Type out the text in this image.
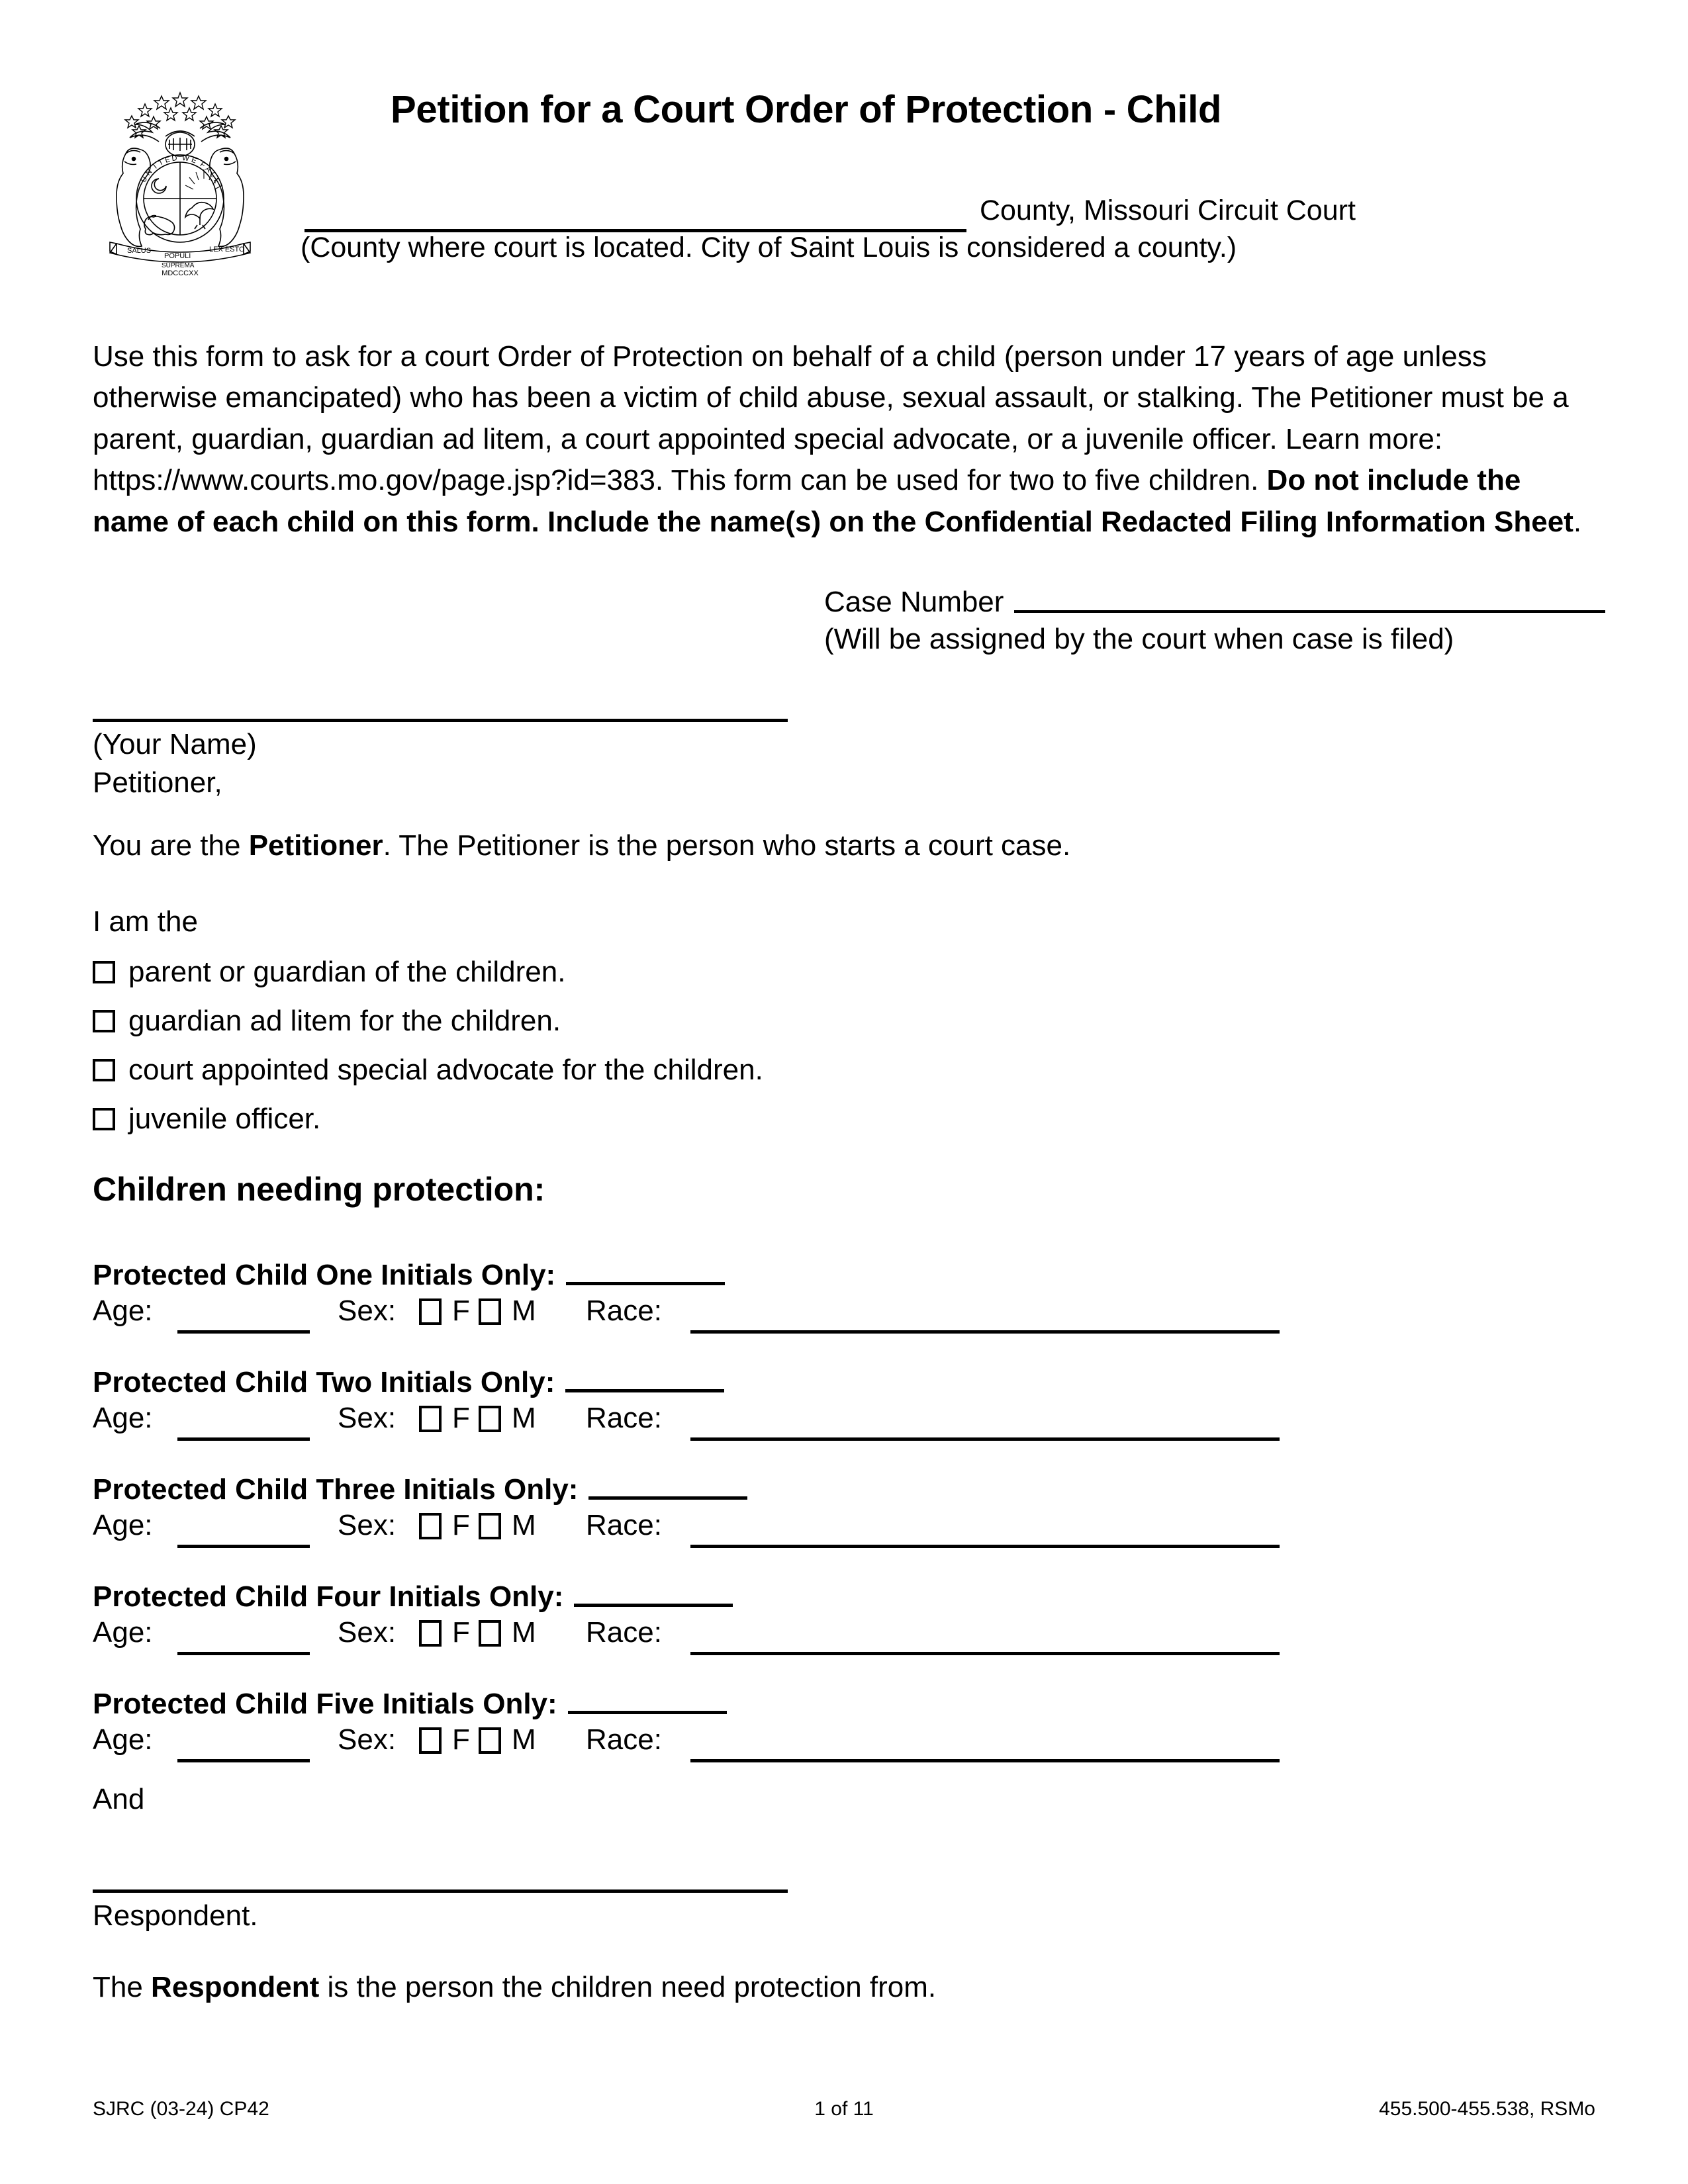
U
N
I
T
E D W E F
A
L
L
SALUS
POPULI
LEX ESTO
SUPREMA
MDCCCXX
Petition for a Court Order of Protection - Child
County, Missouri Circuit Court
(County where court is located. City of Saint Louis is considered a county.)
Use this form to ask for a court Order of Protection on behalf of a child (person under 17 years of age unless otherwise emancipated) who has been a victim of child abuse, sexual assault, or stalking. The Petitioner must be a parent, guardian, guardian ad litem, a court appointed special advocate, or a juvenile officer. Learn more: https://www.courts.mo.gov/page.jsp?id=383. This form can be used for two to five children. Do not include the name of each child on this form. Include the name(s) on the Confidential Redacted Filing Information Sheet.
Case Number
(Will be assigned by the court when case is filed)
(Your Name)
Petitioner,
You are the Petitioner. The Petitioner is the person who starts a court case.
I am the
parent or guardian of the children.
guardian ad litem for the children.
court appointed special advocate for the children.
juvenile officer.
Children needing protection:
Protected Child One Initials Only:
Age:	Sex: F M Race:
Protected Child Two Initials Only:
Age:	Sex: F M Race:
Protected Child Three Initials Only:
Age:	Sex: F M Race:
Protected Child Four Initials Only:
Age:	Sex: F M Race:
Protected Child Five Initials Only:
Age:	Sex: F M Race:
And
Respondent.
The Respondent is the person the children need protection from.
SJRC (03-24) CP42	1 of 11	455.500-455.538, RSMo
